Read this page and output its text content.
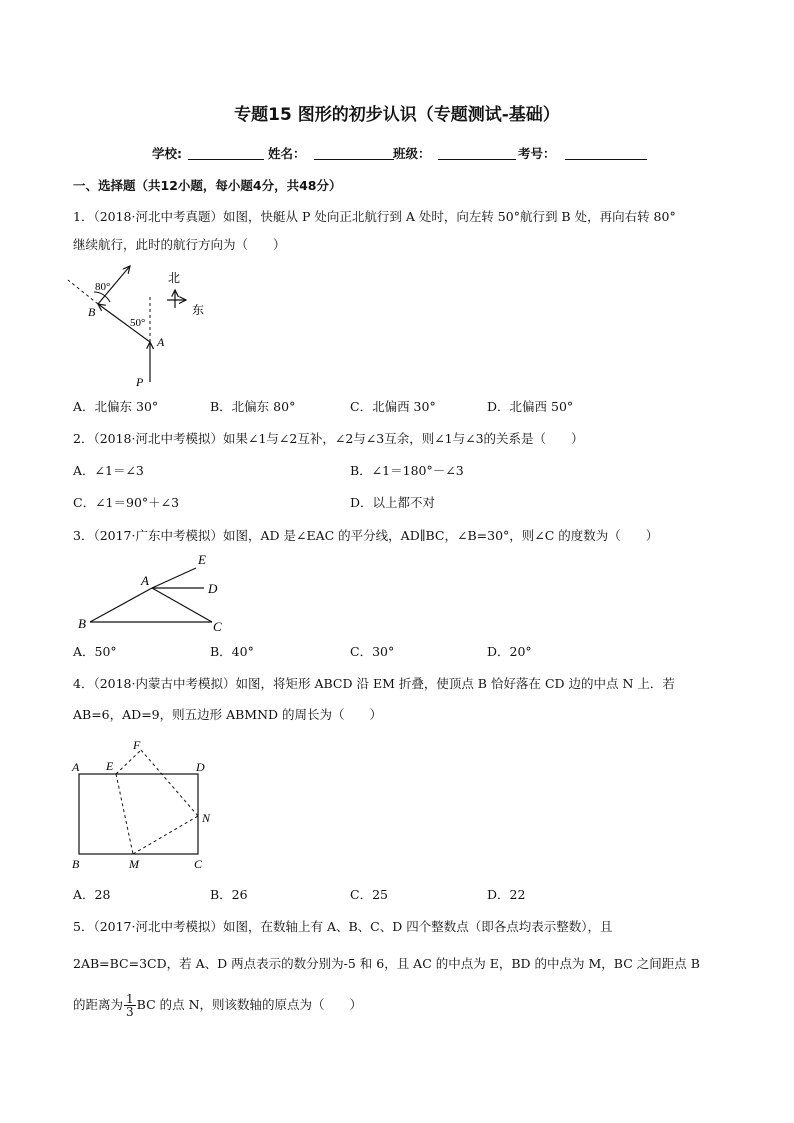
专题15 图形的初步认识（专题测试-基础）
学校:	姓名：	班级：	考号：
一、选择题（共12小题，每小题4分，共48分）
1．（2018·河北中考真题）如图，快艇从 P 处向正北航行到 A 处时，向左转 50°航行到 B 处，再向右转 80°
继续航行，此时的航行方向为（　　）
80°
50°
B
A
P
北
东
A．北偏东 30°	B．北偏东 80°	C．北偏西 30°	D．北偏西 50°
2．（2018·河北中考模拟）如果∠1与∠2互补，∠2与∠3互余，则∠1与∠3的关系是（　　）
A．∠1＝∠3	B．∠1＝180°－∠3
C．∠1＝90°＋∠3	D．以上都不对
3．（2017·广东中考模拟）如图，AD 是∠EAC 的平分线，AD∥BC，∠B=30°，则∠C 的度数为（　　）
E
A
D
B	C
A．50°	B．40°	C．30°	D．20°
4．（2018·内蒙古中考模拟）如图，将矩形 ABCD 沿 EM 折叠，使顶点 B 恰好落在 CD 边的中点 N 上．若
AB=6，AD=9，则五边形 ABMND 的周长为（　　）
F
A E	D
N
B	M	C
A．28	B．26	C．25	D．22
5．（2017·河北中考模拟）如图，在数轴上有 A、B、C、D 四个整数点（即各点均表示整数），且
2AB=BC=3CD，若 A、D 两点表示的数分别为-5 和 6，且 AC 的中点为 E，BD 的中点为 M，BC 之间距点 B
的距离为 $\frac{1}{3}$ BC 的点 N，则该数轴的原点为（　　）
